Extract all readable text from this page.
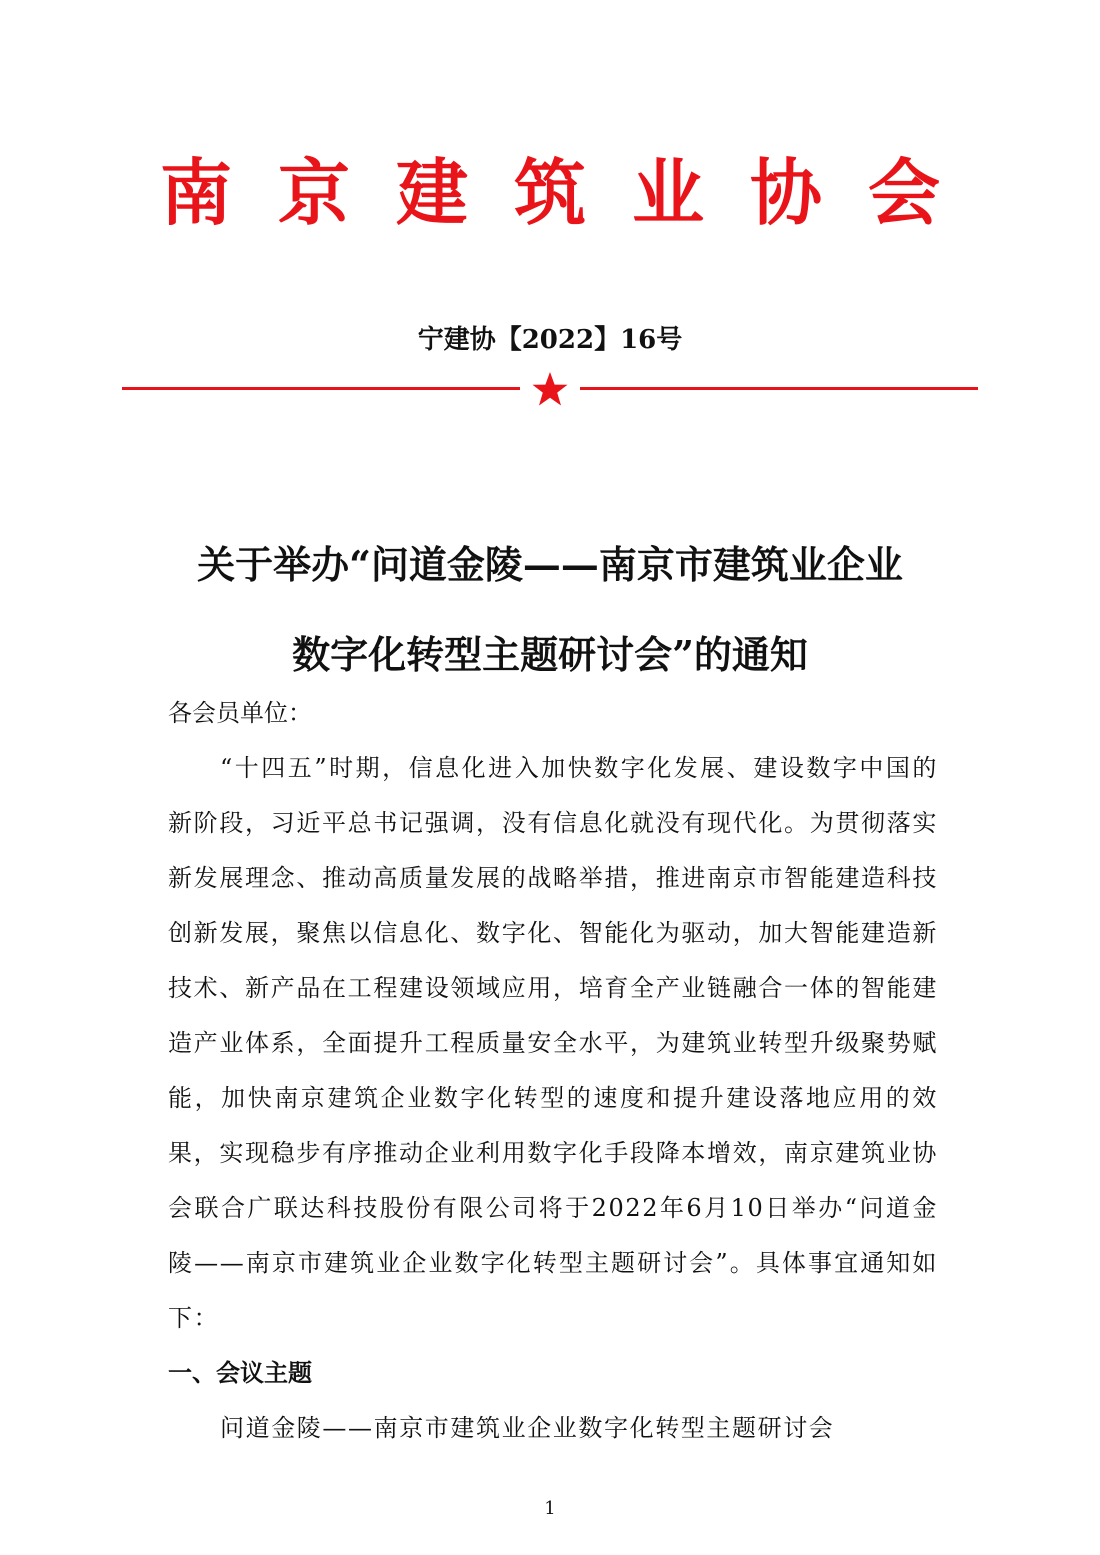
南京建筑业协会
宁建协【2022】16号
关于举办“问道金陵——南京市建筑业企业
数字化转型主题研讨会”的通知

各会员单位：

“十四五”时期，信息化进入加快数字化发展、建设数字中国的新阶段，习近平总书记强调，没有信息化就没有现代化。为贯彻落实新发展理念、推动高质量发展的战略举措，推进南京市智能建造科技创新发展，聚焦以信息化、数字化、智能化为驱动，加大智能建造新技术、新产品在工程建设领域应用，培育全产业链融合一体的智能建造产业体系，全面提升工程质量安全水平，为建筑业转型升级聚势赋能，加快南京建筑企业数字化转型的速度和提升建设落地应用的效果，实现稳步有序推动企业利用数字化手段降本增效，南京建筑业协会联合广联达科技股份有限公司将于2022年6月10日举办“问道金陵——南京市建筑业企业数字化转型主题研讨会”。具体事宜通知如下：

一、会议主题

问道金陵——南京市建筑业企业数字化转型主题研讨会

1
